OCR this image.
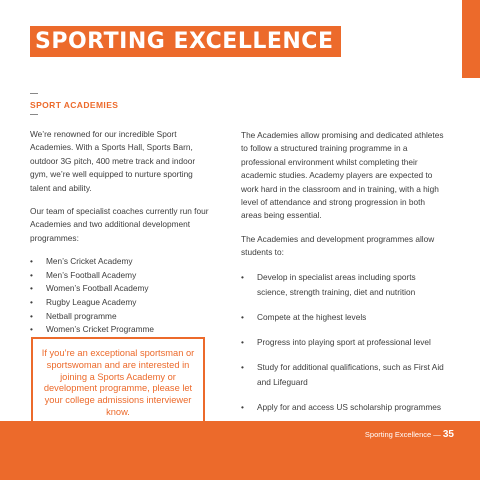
SPORTING EXCELLENCE
SPORT ACADEMIES

We’re renowned for our incredible Sport Academies. With a Sports Hall, Sports Barn, outdoor 3G pitch, 400 metre track and indoor gym, we’re well equipped to nurture sporting talent and ability.

Our team of specialist coaches currently run four Academies and two additional development programmes:

• Men’s Cricket Academy
• Men’s Football Academy
• Women’s Football Academy
• Rugby League Academy
• Netball programme
• Women’s Cricket Programme
If you’re an exceptional sportsman or sportswoman and are interested in joining a Sports Academy or development programme, please let your college admissions interviewer know.

The Academies allow promising and dedicated athletes to follow a structured training programme in a professional environment whilst completing their academic studies. Academy players are expected to work hard in the classroom and in training, with a high level of attendance and strong progression in both areas being essential.

The Academies and development programmes allow students to:

• Develop in specialist areas including sports science, strength training, diet and nutrition
• Compete at the highest levels
• Progress into playing sport at professional level
• Study for additional qualifications, such as First Aid and Lifeguard
• Apply for and access US scholarship programmes
Sporting Excellence — 35
